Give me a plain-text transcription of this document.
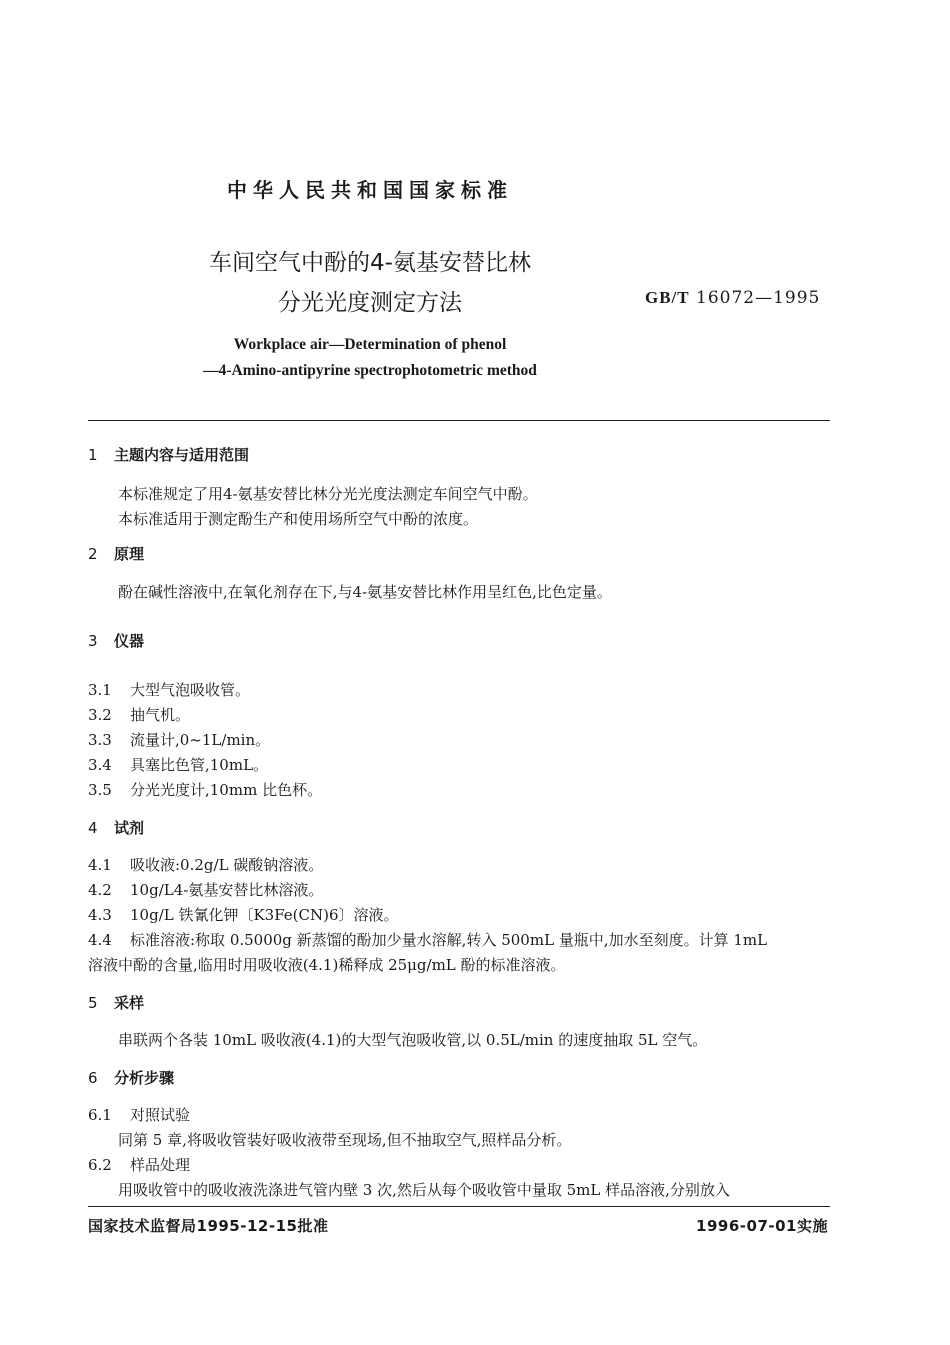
中华人民共和国国家标准
车间空气中酚的4-氨基安替比林
分光光度测定方法	GB/T 16072—1995
Workplace air—Determination of phenol
—4-Amino-antipyrine spectrophotometric method
1 主题内容与适用范围
本标准规定了用4-氨基安替比林分光光度法测定车间空气中酚。
本标准适用于测定酚生产和使用场所空气中酚的浓度。
2 原理
酚在碱性溶液中,在氧化剂存在下,与4-氨基安替比林作用呈红色,比色定量。
3 仪器
3.1 大型气泡吸收管。
3.2 抽气机。
3.3 流量计,0~1L/min。
3.4 具塞比色管,10mL。
3.5 分光光度计,10mm 比色杯。
4 试剂
4.1 吸收液:0.2g/L 碳酸钠溶液。
4.2 10g/L4-氨基安替比林溶液。
4.3 10g/L 铁氰化钾〔K3Fe(CN)6〕溶液。
4.4 标准溶液:称取 0.5000g 新蒸馏的酚加少量水溶解,转入 500mL 量瓶中,加水至刻度。计算 1mL
溶液中酚的含量,临用时用吸收液(4.1)稀释成 25μg/mL 酚的标准溶液。
5 采样
串联两个各装 10mL 吸收液(4.1)的大型气泡吸收管,以 0.5L/min 的速度抽取 5L 空气。
6 分析步骤
6.1 对照试验
同第 5 章,将吸收管装好吸收液带至现场,但不抽取空气,照样品分析。
6.2 样品处理
用吸收管中的吸收液洗涤进气管内壁 3 次,然后从每个吸收管中量取 5mL 样品溶液,分别放入
国家技术监督局1995-12-15批准	1996-07-01实施
